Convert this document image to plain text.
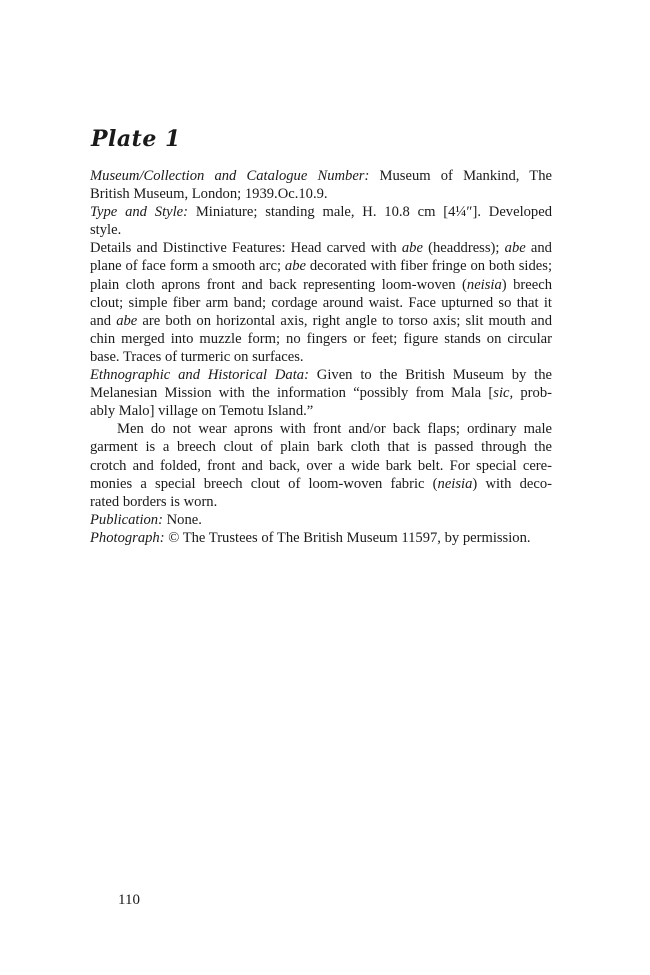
Plate 1
Museum/Collection and Catalogue Number: Museum of Mankind, The
British Museum, London; 1939.Oc.10.9.
Type and Style: Miniature; standing male, H. 10.8 cm [4¼″]. Developed
style.
Details and Distinctive Features: Head carved with abe (headdress); abe and
plane of face form a smooth arc; abe decorated with fiber fringe on both sides;
plain cloth aprons front and back representing loom-woven (neisia) breech
clout; simple fiber arm band; cordage around waist. Face upturned so that it
and abe are both on horizontal axis, right angle to torso axis; slit mouth and
chin merged into muzzle form; no fingers or feet; figure stands on circular
base. Traces of turmeric on surfaces.
Ethnographic and Historical Data: Given to the British Museum by the
Melanesian Mission with the information “possibly from Mala [sic, prob-
ably Malo] village on Temotu Island.”
Men do not wear aprons with front and/or back flaps; ordinary male
garment is a breech clout of plain bark cloth that is passed through the
crotch and folded, front and back, over a wide bark belt. For special cere-
monies a special breech clout of loom-woven fabric (neisia) with deco-
rated borders is worn.
Publication: None.
Photograph: © The Trustees of The British Museum 11597, by permission.
110
